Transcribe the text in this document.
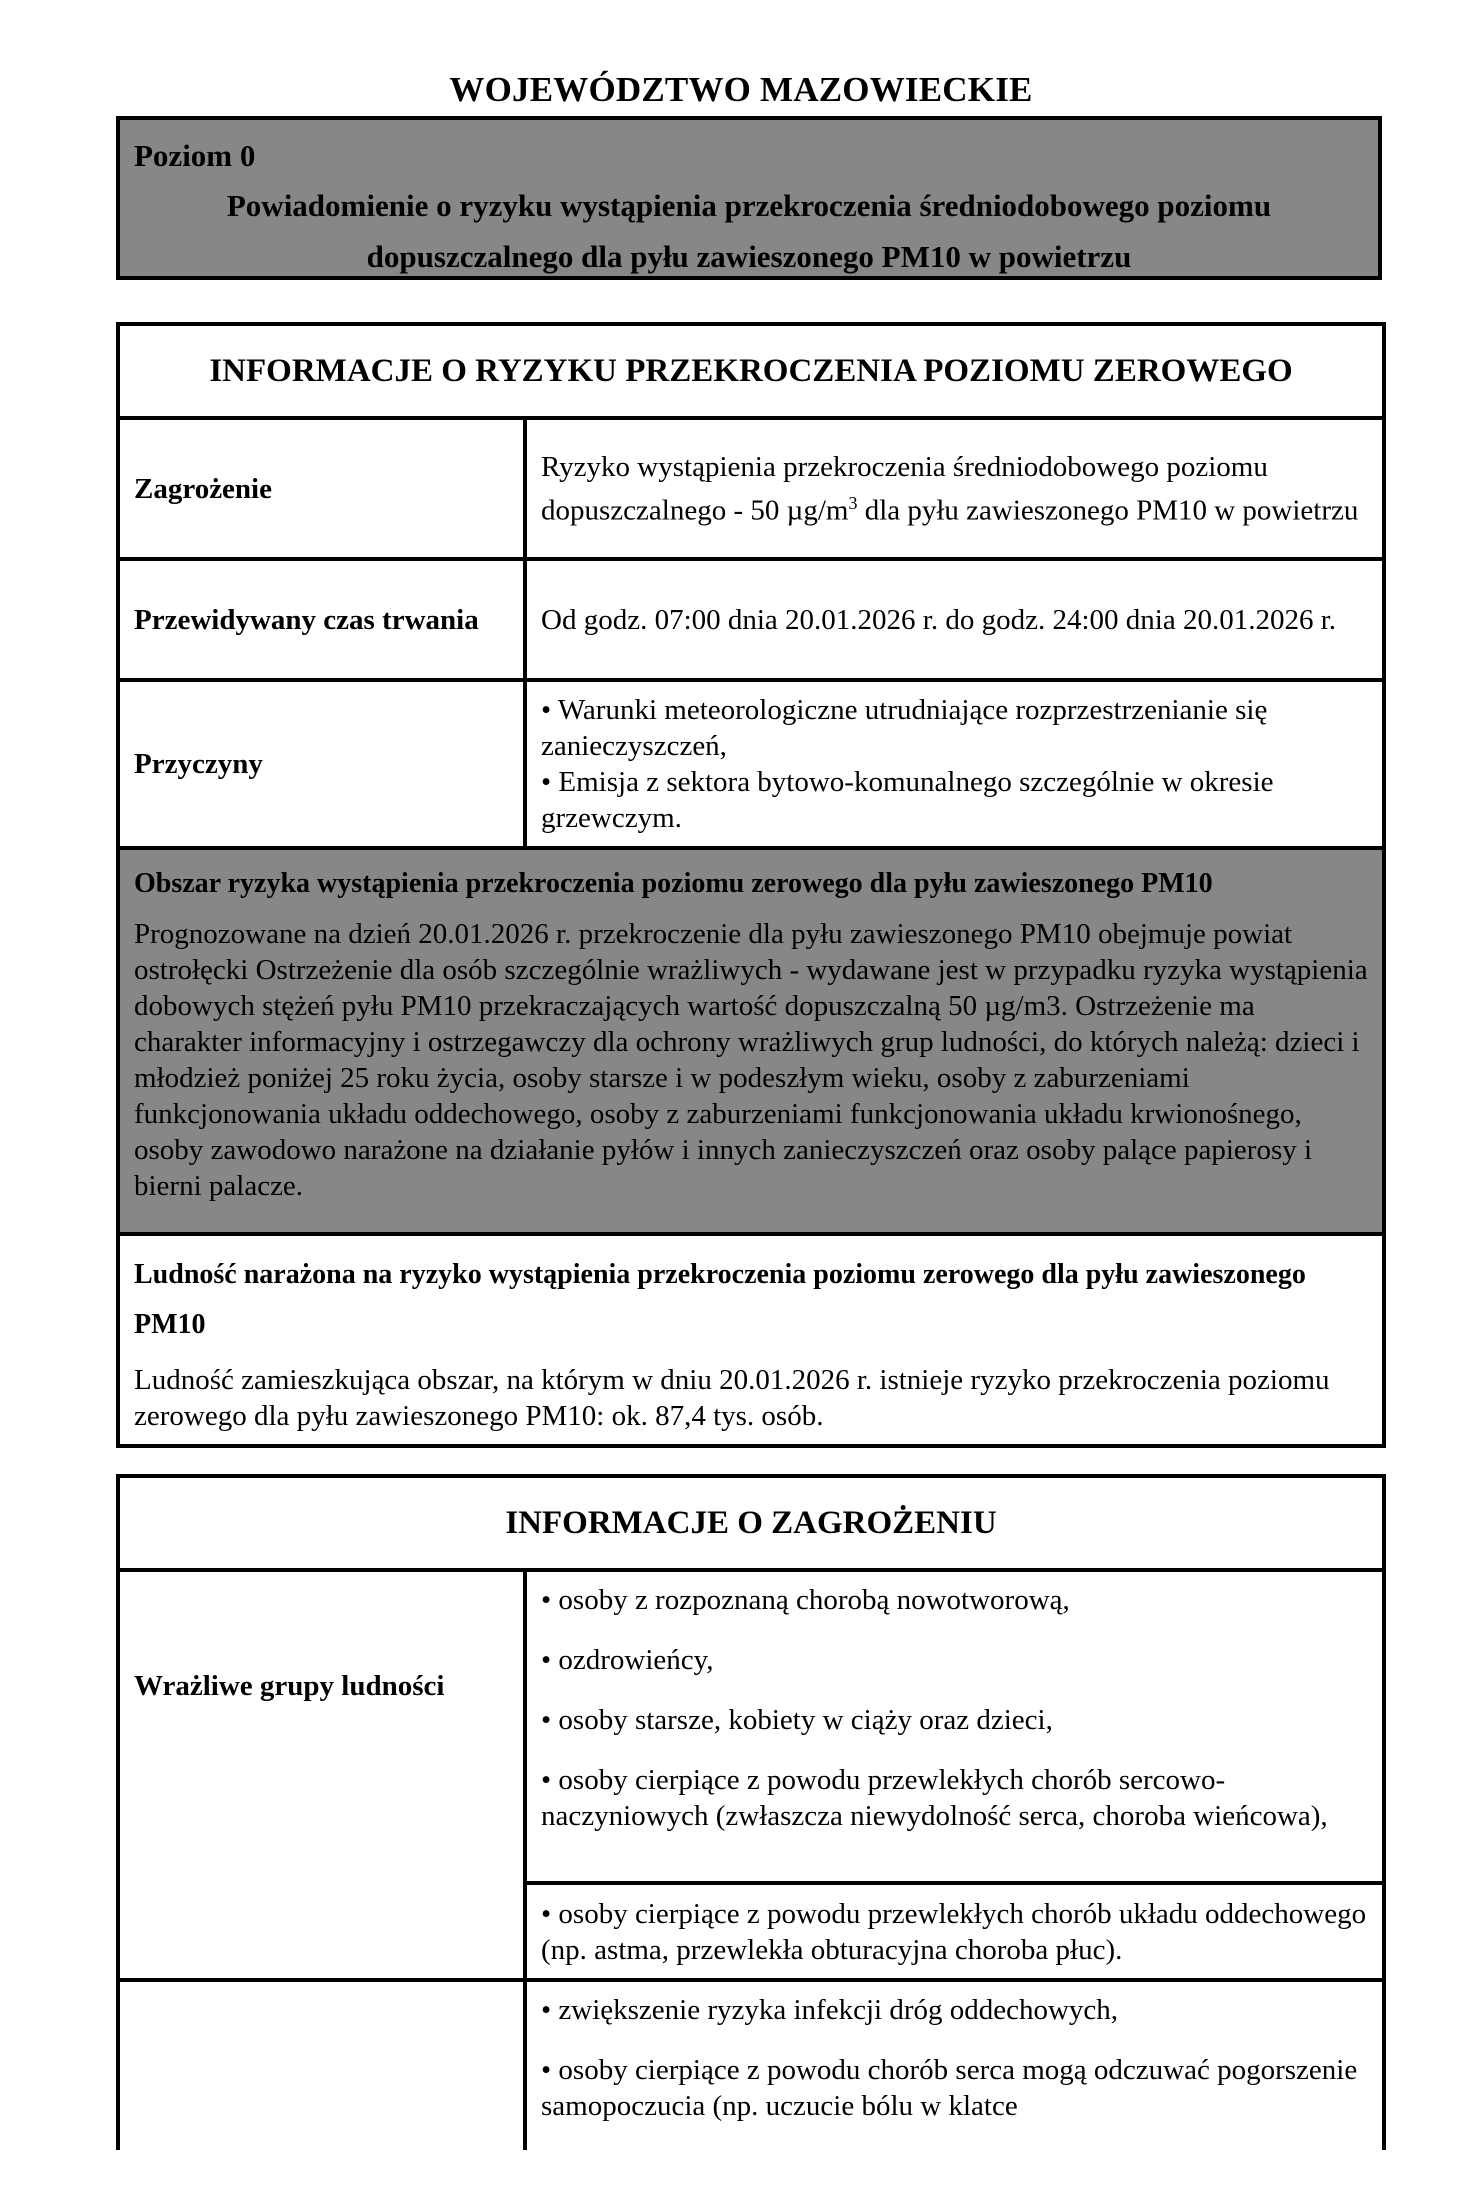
WOJEWÓDZTWO MAZOWIECKIE
Poziom 0
Powiadomienie o ryzyku wystąpienia przekroczenia średniodobowego poziomu dopuszczalnego dla pyłu zawieszonego PM10 w powietrzu
INFORMACJE O RYZYKU PRZEKROCZENIA POZIOMU ZEROWEGO	
Zagrożenie	Ryzyko wystąpienia przekroczenia średniodobowego poziomu dopuszczalnego - 50 $\mu g/m^3$ dla pyłu zawieszonego PM10 w powietrzu
Przewidywany czas trwania	Od godz. 07:00 dnia 20.01.2026 r. do godz. 24:00 dnia 20.01.2026 r.
Przyczyny	• Warunki meteorologiczne utrudniające rozprzestrzenianie się zanieczyszczeń,

• Emisja z sektora bytowo-komunalnego szczególnie w okresie grzewczym.

Obszar ryzyka wystąpienia przekroczenia poziomu zerowego dla pyłu zawieszonego PM10
Prognozowane na dzień 20.01.2026 r. przekroczenie dla pyłu zawieszonego PM10 obejmuje powiat ostrołęcki Ostrzeżenie dla osób szczególnie wrażliwych - wydawane jest w przypadku ryzyka wystąpienia dobowych stężeń pyłu PM10 przekraczających wartość dopuszczalną 50 µg/m3. Ostrzeżenie ma charakter informacyjny i ostrzegawczy dla ochrony wrażliwych grup ludności, do których należą: dzieci i młodzież poniżej 25 roku życia, osoby starsze i w podeszłym wieku, osoby z zaburzeniami funkcjonowania układu oddechowego, osoby z zaburzeniami funkcjonowania układu krwionośnego, osoby zawodowo narażone na działanie pyłów i innych zanieczyszczeń oraz osoby palące papierosy i bierni palacze.	

Ludność narażona na ryzyko wystąpienia przekroczenia poziomu zerowego dla pyłu zawieszonego PM10
Ludność zamieszkująca obszar, na którym w dniu 20.01.2026 r. istnieje ryzyko przekroczenia poziomu zerowego dla pyłu zawieszonego PM10: ok. 87,4 tys. osób.	
INFORMACJE O ZAGROŻENIU	
Wrażliwe grupy ludności	• osoby z rozpoznaną chorobą nowotworową,

• ozdrowieńcy,

• osoby starsze, kobiety w ciąży oraz dzieci,

• osoby cierpiące z powodu przewlekłych chorób sercowo-naczyniowych (zwłaszcza niewydolność serca, choroba wieńcowa),

	• osoby cierpiące z powodu przewlekłych chorób układu oddechowego (np. astma, przewlekła obturacyjna choroba płuc).

	• zwiększenie ryzyka infekcji dróg oddechowych,

• osoby cierpiące z powodu chorób serca mogą odczuwać pogorszenie samopoczucia (np. uczucie bólu w klatce
